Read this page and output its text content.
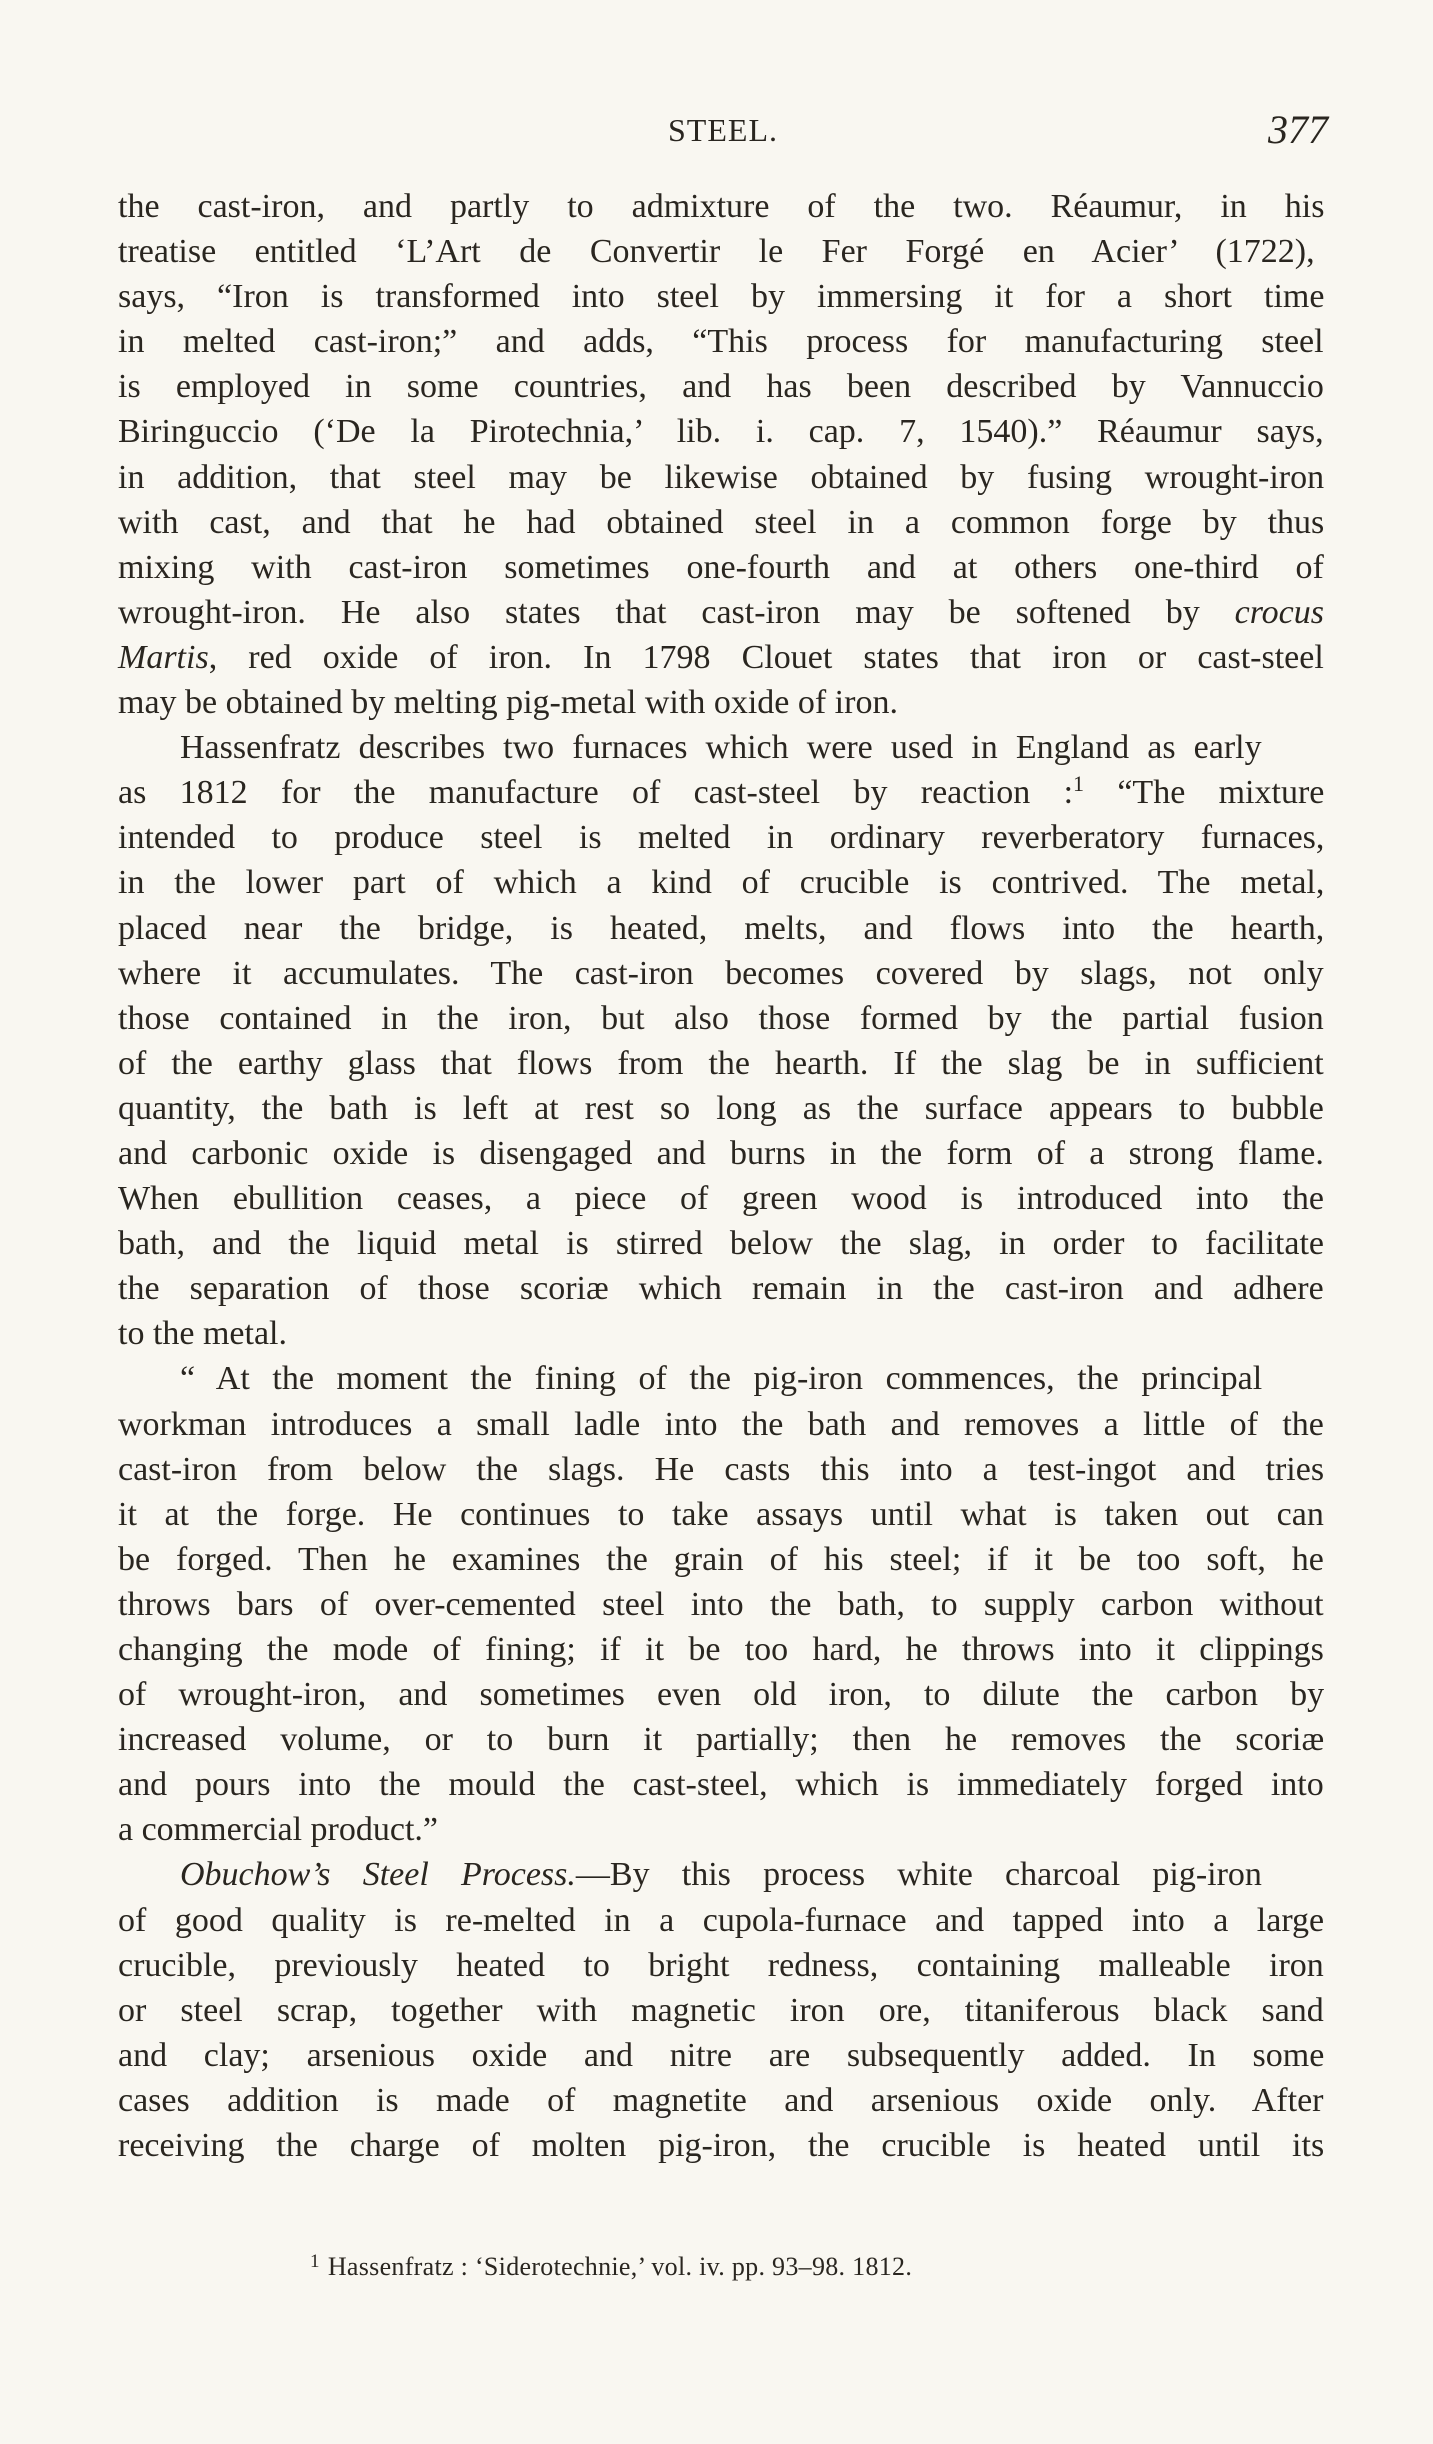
STEEL.	377
the cast-iron, and partly to admixture of the two. Réaumur, in his
treatise entitled ‘L’Art de Convertir le Fer Forgé en Acier’ (1722),
says, “Iron is transformed into steel by immersing it for a short time
in melted cast-iron;” and adds, “This process for manufacturing steel
is employed in some countries, and has been described by Vannuccio
Biringuccio (‘De la Pirotechnia,’ lib. i. cap. 7, 1540).” Réaumur says,
in addition, that steel may be likewise obtained by fusing wrought-iron
with cast, and that he had obtained steel in a common forge by thus
mixing with cast-iron sometimes one-fourth and at others one-third of
wrought-iron. He also states that cast-iron may be softened by crocus
Martis, red oxide of iron. In 1798 Clouet states that iron or cast-steel
may be obtained by melting pig-metal with oxide of iron.
Hassenfratz describes two furnaces which were used in England as early
as 1812 for the manufacture of cast-steel by reaction :$^1$ “The mixture
intended to produce steel is melted in ordinary reverberatory furnaces,
in the lower part of which a kind of crucible is contrived. The metal,
placed near the bridge, is heated, melts, and flows into the hearth,
where it accumulates. The cast-iron becomes covered by slags, not only
those contained in the iron, but also those formed by the partial fusion
of the earthy glass that flows from the hearth. If the slag be in sufficient
quantity, the bath is left at rest so long as the surface appears to bubble
and carbonic oxide is disengaged and burns in the form of a strong flame.
When ebullition ceases, a piece of green wood is introduced into the
bath, and the liquid metal is stirred below the slag, in order to facilitate
the separation of those scoriæ which remain in the cast-iron and adhere
to the metal.
“ At the moment the fining of the pig-iron commences, the principal
workman introduces a small ladle into the bath and removes a little of the
cast-iron from below the slags. He casts this into a test-ingot and tries
it at the forge. He continues to take assays until what is taken out can
be forged. Then he examines the grain of his steel; if it be too soft, he
throws bars of over-cemented steel into the bath, to supply carbon without
changing the mode of fining; if it be too hard, he throws into it clippings
of wrought-iron, and sometimes even old iron, to dilute the carbon by
increased volume, or to burn it partially; then he removes the scoriæ
and pours into the mould the cast-steel, which is immediately forged into
a commercial product.”
Obuchow’s Steel Process.—By this process white charcoal pig-iron
of good quality is re-melted in a cupola-furnace and tapped into a large
crucible, previously heated to bright redness, containing malleable iron
or steel scrap, together with magnetic iron ore, titaniferous black sand
and clay; arsenious oxide and nitre are subsequently added. In some
cases addition is made of magnetite and arsenious oxide only. After
receiving the charge of molten pig-iron, the crucible is heated until its
$^1$ Hassenfratz : ‘Siderotechnie,’ vol. iv. pp. 93–98. 1812.
